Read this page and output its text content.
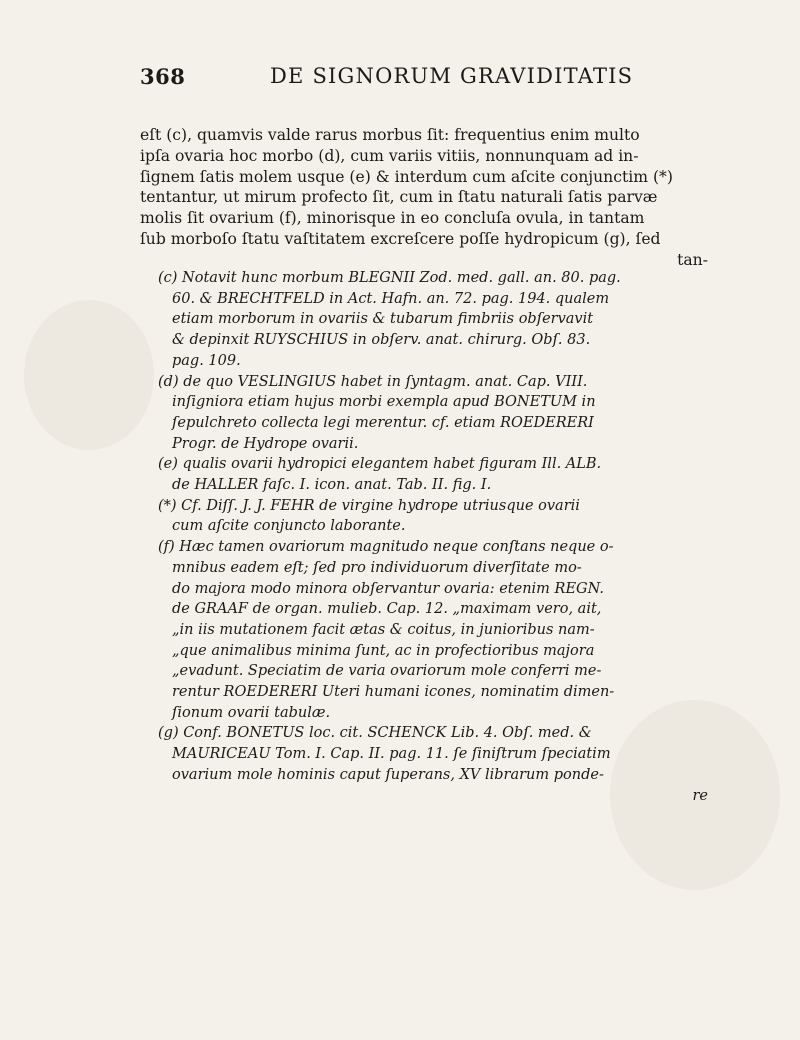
368	DE SIGNORUM GRAVIDITATIS

eſt (c), quamvis valde rarus morbus ſit: frequentius enim multo
ipſa ovaria hoc morbo (d), cum variis vitiis, nonnunquam ad in-
ſignem ſatis molem usque (e) & interdum cum aſcite conjunctim (*)
tentantur, ut mirum profecto ſit, cum in ſtatu naturali ſatis parvæ
molis ſit ovarium (f), minorisque in eo concluſa ovula, in tantam
ſub morboſo ſtatu vaſtitatem excreſcere poſſe hydropicum (g), ſed

tan-

(c) Notavit hunc morbum BLEGNII Zod. med. gall. an. 80. pag.
60. & BRECHTFELD in Act. Hafn. an. 72. pag. 194. qualem
etiam morborum in ovariis & tubarum fimbriis obſervavit
& depinxit RUYSCHIUS in obſerv. anat. chirurg. Obſ. 83.
pag. 109.

(d) de quo VESLINGIUS habet in ſyntagm. anat. Cap. VIII.
inſigniora etiam hujus morbi exempla apud BONETUM in
ſepulchreto collecta legi merentur. cf. etiam ROEDERERI
Progr. de Hydrope ovarii.

(e) qualis ovarii hydropici elegantem habet figuram Ill. ALB.
de HALLER faſc. I. icon. anat. Tab. II. fig. I.

(*) Cf. Diſſ. J. J. FEHR de virgine hydrope utriusque ovarii
cum aſcite conjuncto laborante.

(f) Hæc tamen ovariorum magnitudo neque conſtans neque o-
mnibus eadem eſt; ſed pro individuorum diverſitate mo-
do majora modo minora obſervantur ovaria: etenim REGN.
de GRAAF de organ. mulieb. Cap. 12. „maximam vero, ait,
„in iis mutationem facit ætas & coitus, in junioribus nam-
„que animalibus minima ſunt, ac in profectioribus majora
„evadunt. Speciatim de varia ovariorum mole conferri me-
rentur ROEDERERI Uteri humani icones, nominatim dimen-
ſionum ovarii tabulæ.

(g) Conf. BONETUS loc. cit. SCHENCK Lib. 4. Obſ. med. &
MAURICEAU Tom. I. Cap. II. pag. 11. ſe ſiniſtrum ſpeciatim
ovarium mole hominis caput ſuperans, XV librarum ponde-

re
